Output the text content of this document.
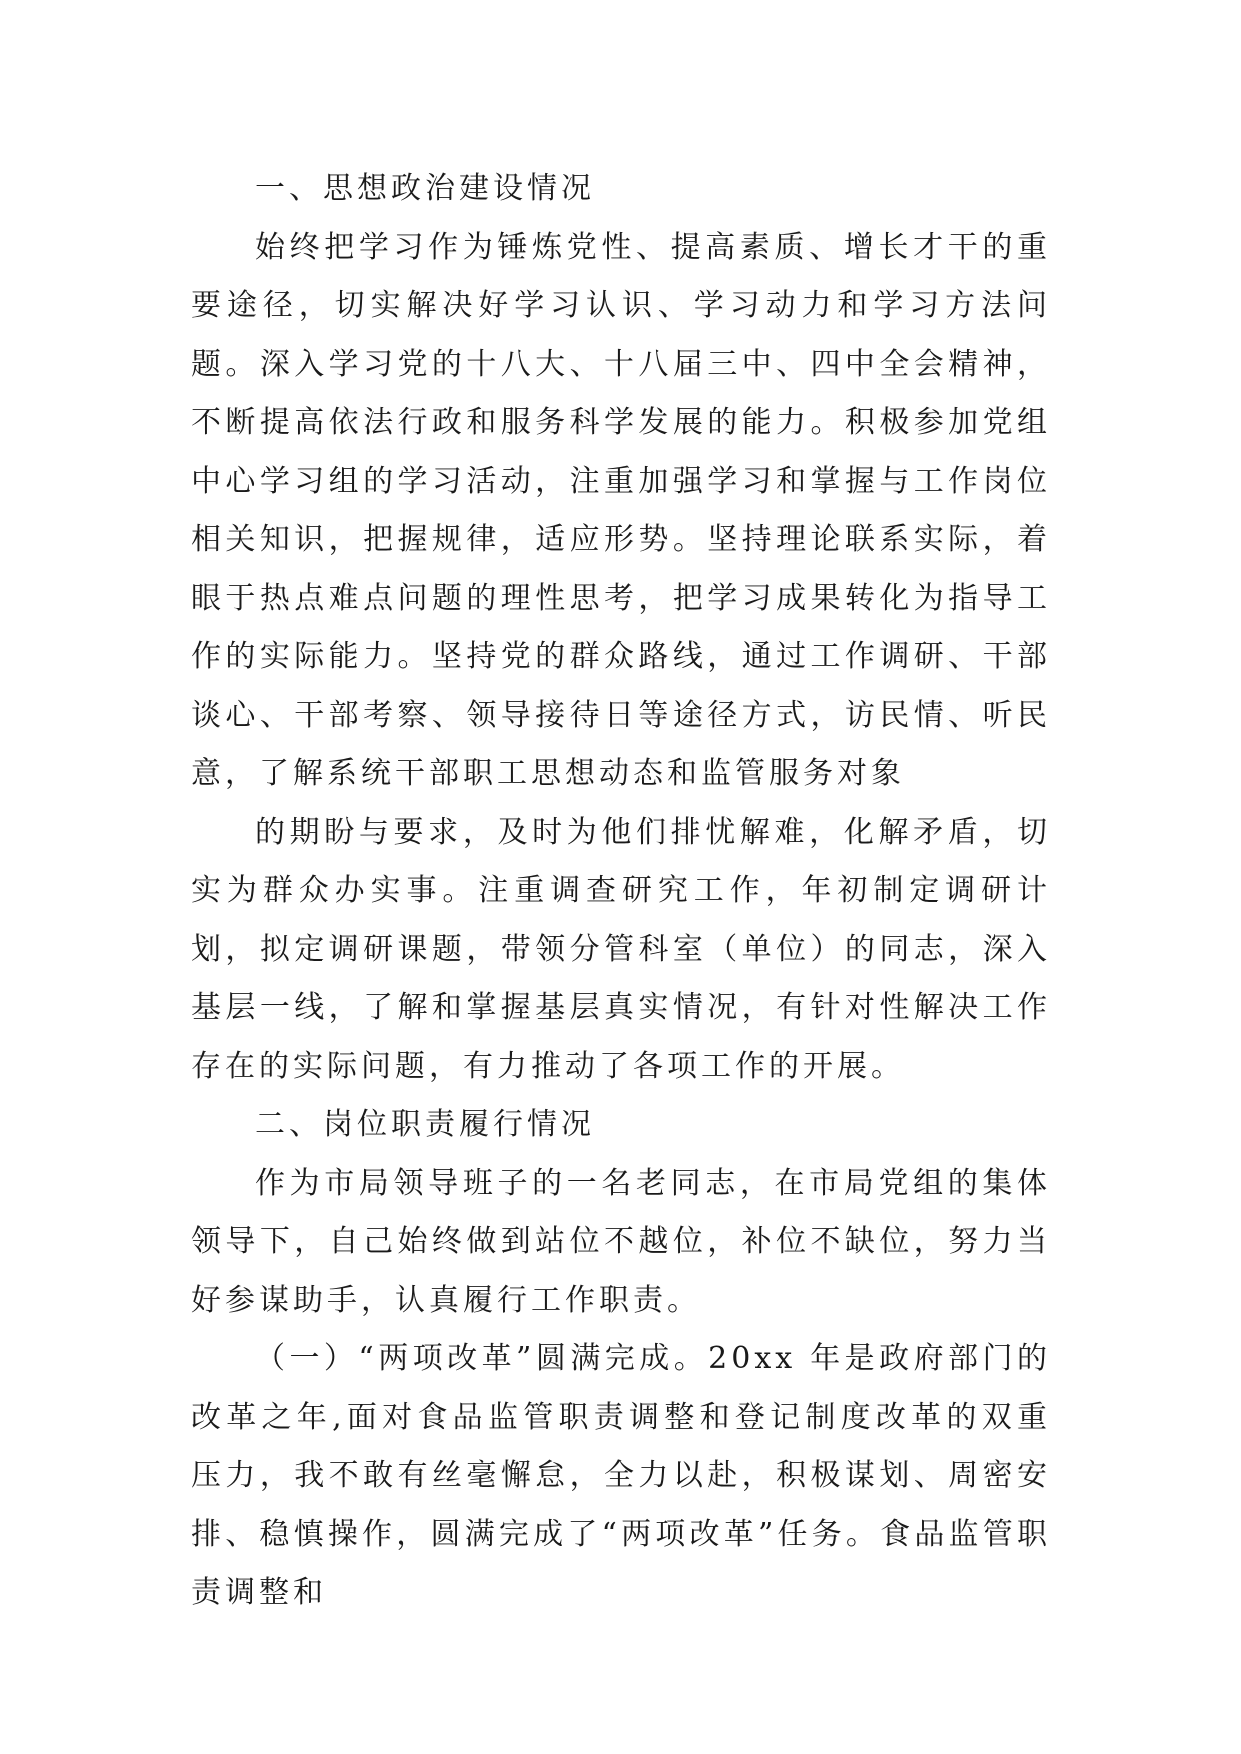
一、思想政治建设情况

始终把学习作为锤炼党性、提高素质、增长才干的重要途径，切实解决好学习认识、学习动力和学习方法问题。深入学习党的十八大、十八届三中、四中全会精神，不断提高依法行政和服务科学发展的能力。积极参加党组中心学习组的学习活动，注重加强学习和掌握与工作岗位相关知识，把握规律，适应形势。坚持理论联系实际，着眼于热点难点问题的理性思考，把学习成果转化为指导工作的实际能力。坚持党的群众路线，通过工作调研、干部谈心、干部考察、领导接待日等途径方式，访民情、听民意，了解系统干部职工思想动态和监管服务对象

的期盼与要求，及时为他们排忧解难，化解矛盾，切实为群众办实事。注重调查研究工作，年初制定调研计划，拟定调研课题，带领分管科室（单位）的同志，深入基层一线，了解和掌握基层真实情况，有针对性解决工作存在的实际问题，有力推动了各项工作的开展。

二、岗位职责履行情况

作为市局领导班子的一名老同志，在市局党组的集体领导下，自己始终做到站位不越位，补位不缺位，努力当好参谋助手，认真履行工作职责。

（一）“两项改革”圆满完成。20xx 年是政府部门的改革之年,面对食品监管职责调整和登记制度改革的双重压力，我不敢有丝毫懈怠，全力以赴，积极谋划、周密安排、稳慎操作，圆满完成了“两项改革”任务。食品监管职责调整和
